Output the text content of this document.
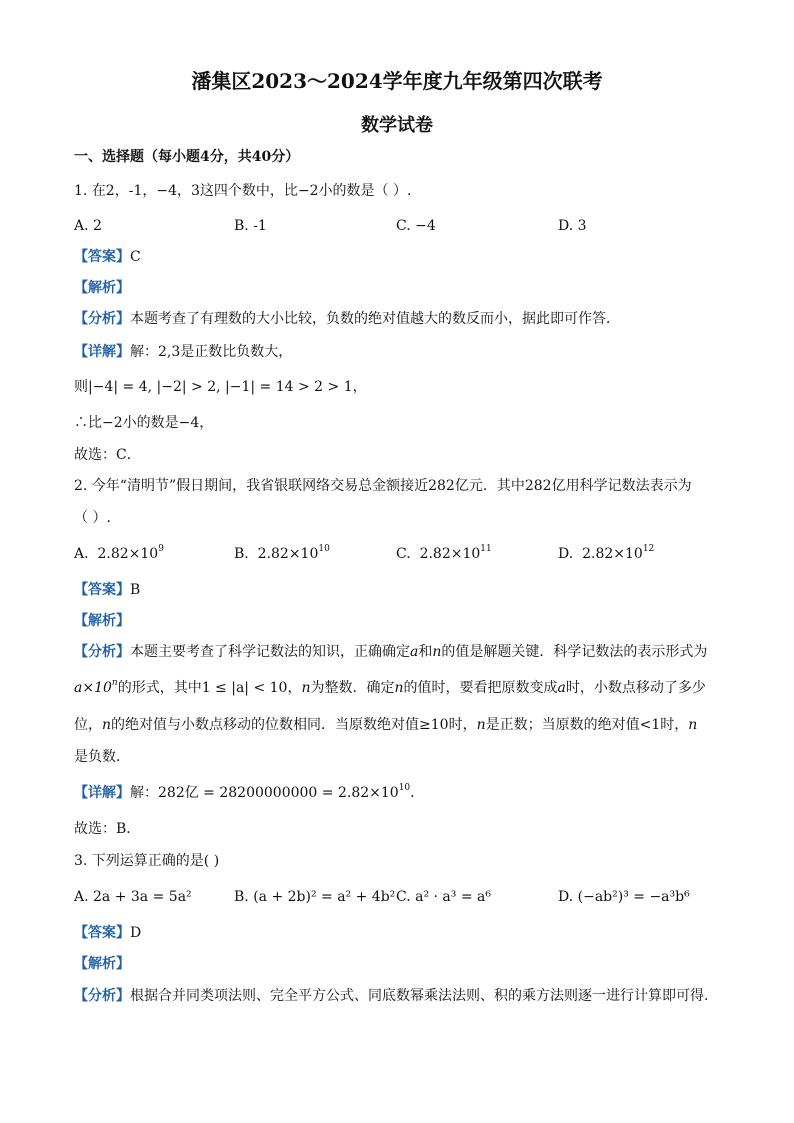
潘集区2023～2024学年度九年级第四次联考
数学试卷
一、选择题（每小题4分，共40分）
1. 在2，-1，−4，3这四个数中，比−2小的数是（ ）.
A. 2	B. -1	C. −4	D. 3
【答案】C
【解析】
【分析】本题考查了有理数的大小比较，负数的绝对值越大的数反而小，据此即可作答．
【详解】解：2,3是正数比负数大，
则|−4| = 4, |−2| > 2, |−1| = 14 > 2 > 1，
∴比−2小的数是−4，
故选：C．
2. 今年“清明节”假日期间，我省银联网络交易总金额接近282亿元．其中282亿用科学记数法表示为
（ ）.
A. $2.82\times 10^9$	B. $2.82\times 10^{10}$	C. $2.82\times 10^{11}$	D. $2.82\times 10^{12}$
【答案】B
【解析】
【分析】本题主要考查了科学记数法的知识，正确确定a和n的值是解题关键．科学记数法的表示形式为
$a\times 10^n$的形式，其中1 ≤ |a| < 10，n为整数．确定n的值时，要看把原数变成a时，小数点移动了多少
位，n的绝对值与小数点移动的位数相同．当原数绝对值≥10时，n是正数；当原数的绝对值<1时，n
是负数．
【详解】解：282亿 = $28200000000 = 2.82\times 10^{10}$．
故选：B．
3. 下列运算正确的是( )
A. 2a + 3a = 5a²	B. (a + 2b)² = a² + 4b² C. a² · a³ = a⁶	D. (−ab²)³ = −a³b⁶
【答案】D
【解析】
【分析】根据合并同类项法则、完全平方公式、同底数幂乘法法则、积的乘方法则逐一进行计算即可得.
